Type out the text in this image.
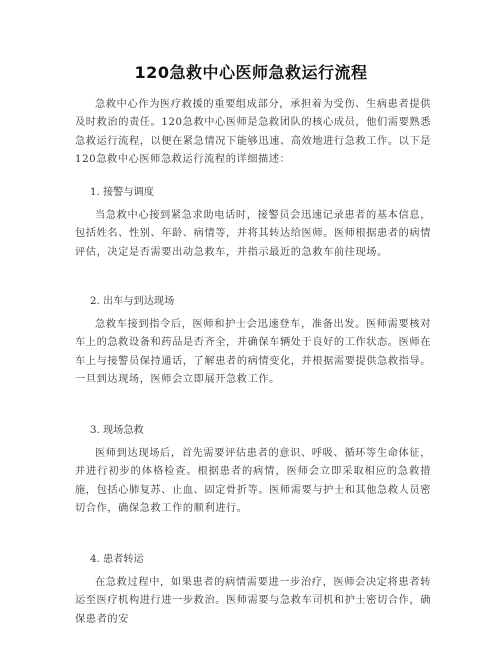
120急救中心医师急救运行流程

急救中心作为医疗救援的重要组成部分，承担着为受伤、生病患者提供及时救治的责任。120急救中心医师是急救团队的核心成员，他们需要熟悉急救运行流程，以便在紧急情况下能够迅速、高效地进行急救工作。以下是120急救中心医师急救运行流程的详细描述：

1. 接警与调度

当急救中心接到紧急求助电话时，接警员会迅速记录患者的基本信息，包括姓名、性别、年龄、病情等，并将其转达给医师。医师根据患者的病情评估，决定是否需要出动急救车，并指示最近的急救车前往现场。

2. 出车与到达现场

急救车接到指令后，医师和护士会迅速登车，准备出发。医师需要核对车上的急救设备和药品是否齐全，并确保车辆处于良好的工作状态。医师在车上与接警员保持通话，了解患者的病情变化，并根据需要提供急救指导。一旦到达现场，医师会立即展开急救工作。

3. 现场急救

医师到达现场后，首先需要评估患者的意识、呼吸、循环等生命体征，并进行初步的体格检查。根据患者的病情，医师会立即采取相应的急救措施，包括心肺复苏、止血、固定骨折等。医师需要与护士和其他急救人员密切合作，确保急救工作的顺利进行。

4. 患者转运

在急救过程中，如果患者的病情需要进一步治疗，医师会决定将患者转运至医疗机构进行进一步救治。医师需要与急救车司机和护士密切合作，确保患者的安
